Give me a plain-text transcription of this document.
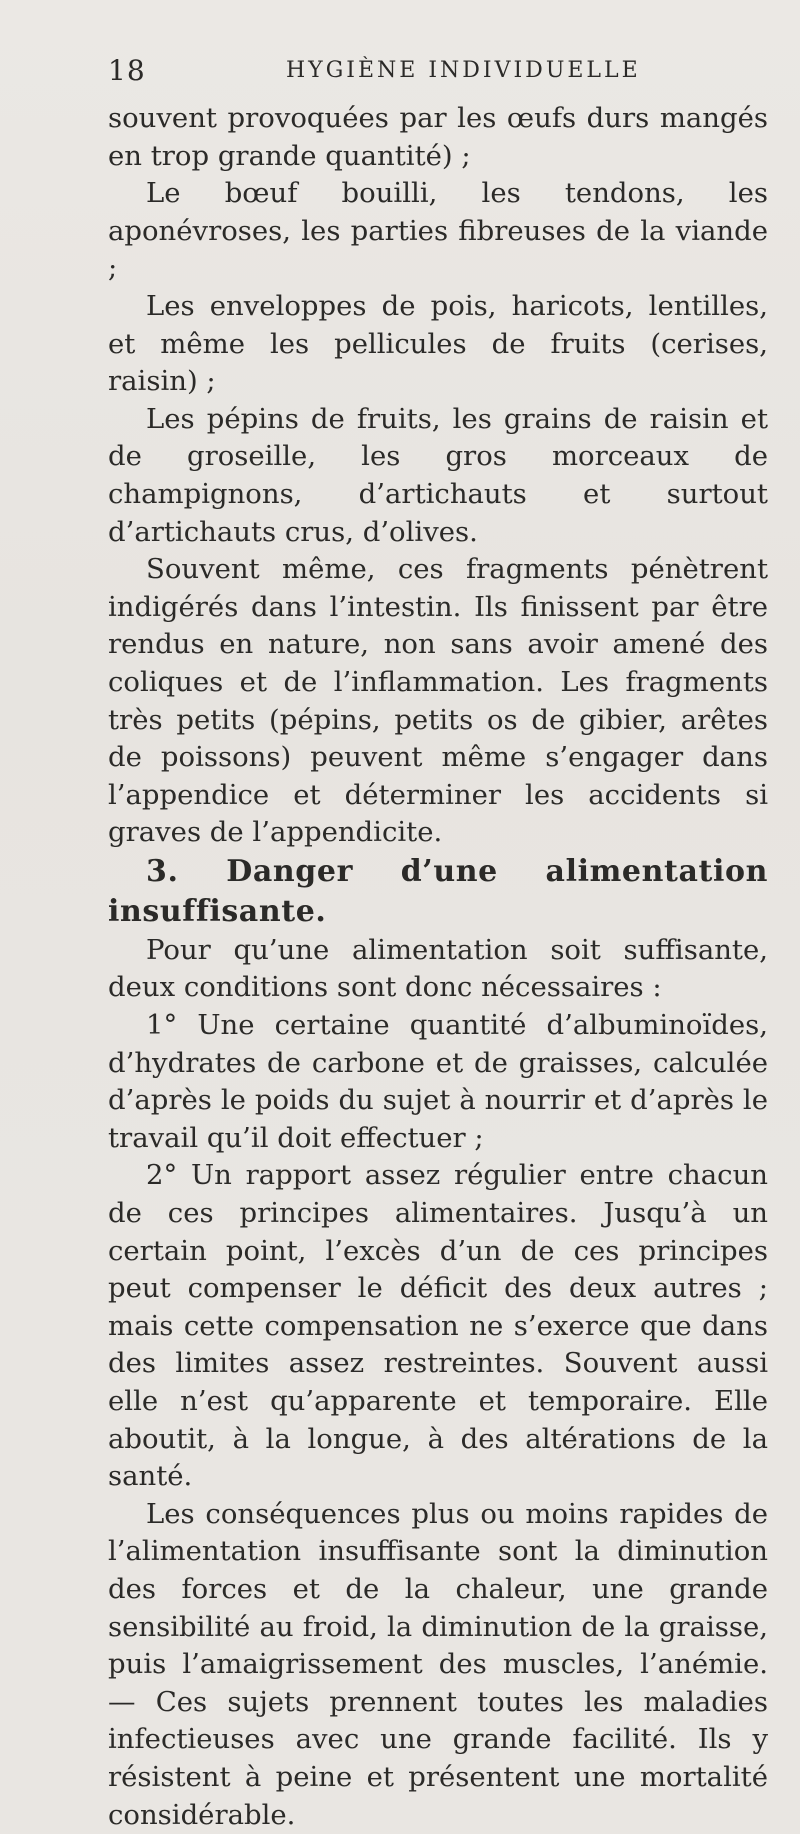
18	HYGIÈNE INDIVIDUELLE

souvent provoquées par les œufs durs mangés en trop grande quantité) ;

Le bœuf bouilli, les tendons, les aponévroses, les parties fibreuses de la viande ;

Les enveloppes de pois, haricots, lentilles, et même les pellicules de fruits (cerises, raisin) ;

Les pépins de fruits, les grains de raisin et de groseille, les gros morceaux de champignons, d’artichauts et surtout d’artichauts crus, d’olives.

Souvent même, ces fragments pénètrent indigérés dans l’intestin. Ils finissent par être rendus en nature, non sans avoir amené des coliques et de l’inflammation. Les fragments très petits (pépins, petits os de gibier, arêtes de poissons) peuvent même s’engager dans l’appendice et déterminer les accidents si graves de l’appendicite.

3. Danger d’une alimentation insuffisante.

Pour qu’une alimentation soit suffisante, deux conditions sont donc nécessaires :

1° Une certaine quantité d’albuminoïdes, d’hydrates de carbone et de graisses, calculée d’après le poids du sujet à nourrir et d’après le travail qu’il doit effectuer ;

2° Un rapport assez régulier entre chacun de ces principes alimentaires. Jusqu’à un certain point, l’excès d’un de ces principes peut compenser le déficit des deux autres ; mais cette compensation ne s’exerce que dans des limites assez restreintes. Souvent aussi elle n’est qu’apparente et temporaire. Elle aboutit, à la longue, à des altérations de la santé.

Les conséquences plus ou moins rapides de l’alimentation insuffisante sont la diminution des forces et de la chaleur, une grande sensibilité au froid, la diminution de la graisse, puis l’amaigrissement des muscles, l’anémie. — Ces sujets prennent toutes les maladies infectieuses avec une grande facilité. Ils y résistent à peine et présentent une mortalité considérable.
